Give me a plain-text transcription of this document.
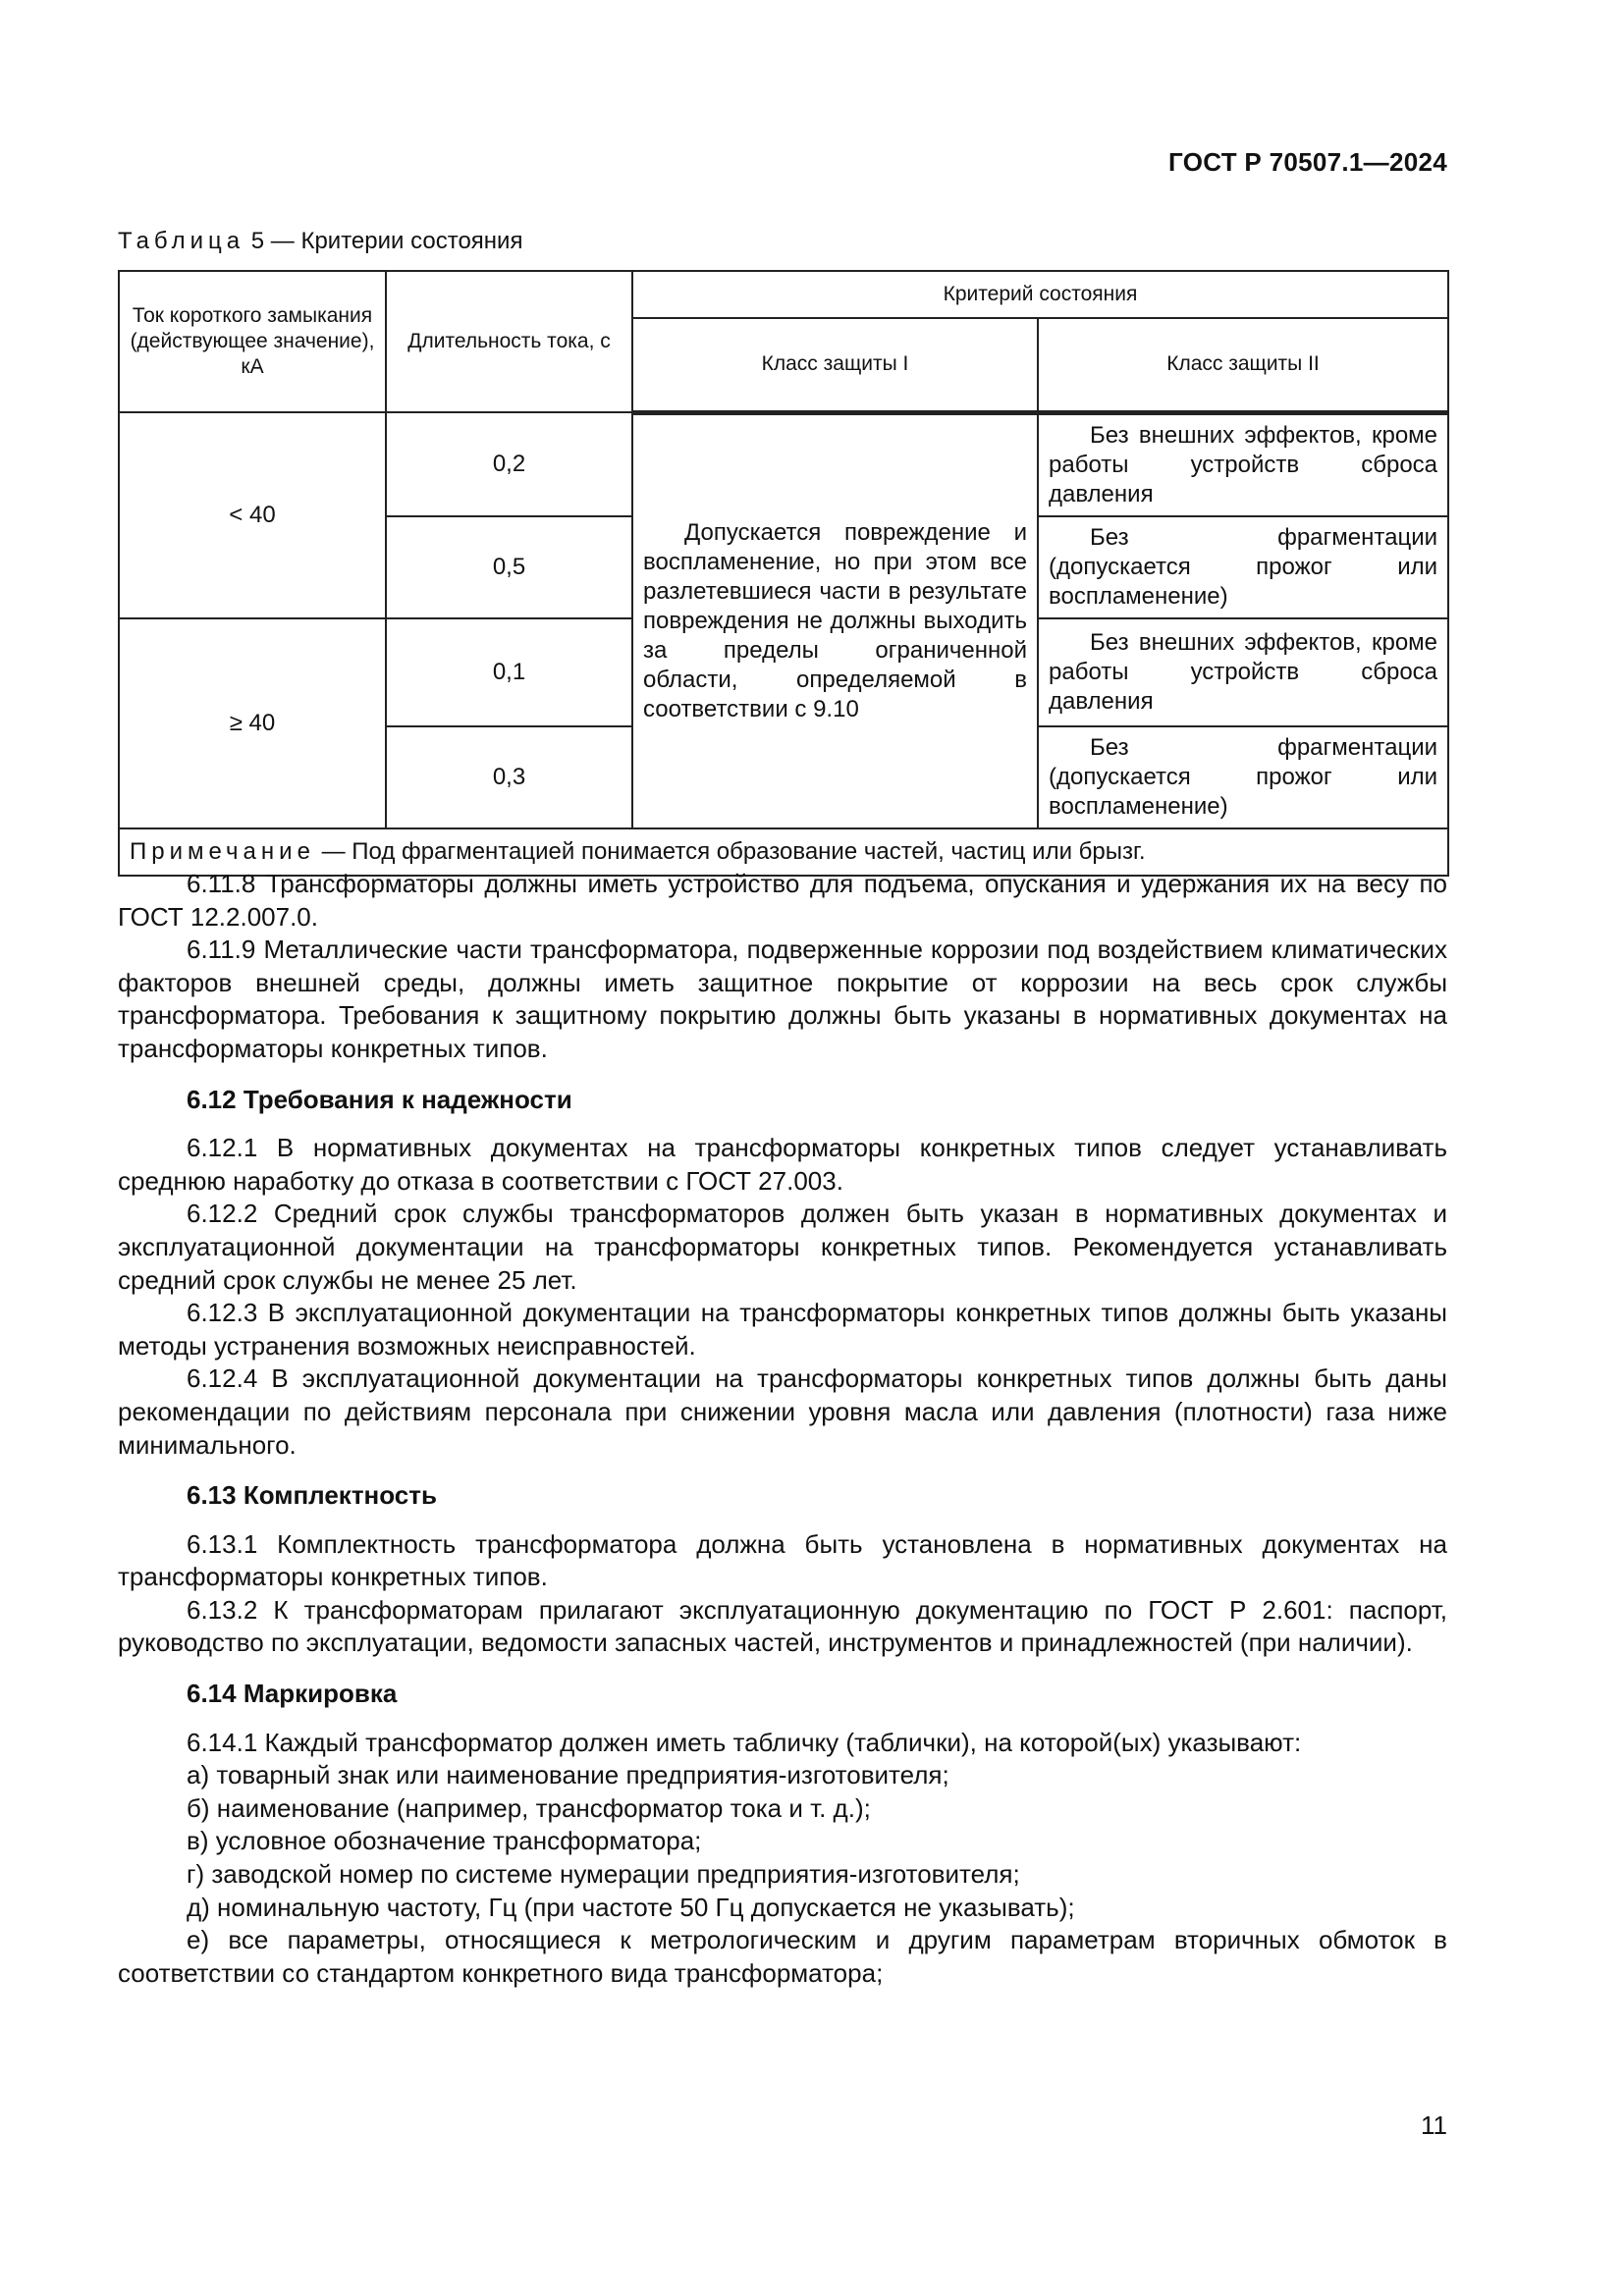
ГОСТ Р 70507.1—2024
Таблица 5 — Критерии состояния
Ток короткого замыкания (действующее значение), кА	Длительность тока, с	Критерий состояния	
		Класс защиты I	Класс защиты II
< 40	0,2	Допускается повреждение и воспламенение, но при этом все разлетевшиеся части в результате повреждения не должны выходить за пределы ограниченной области, определяемой в соответствии с 9.10	Без внешних эффектов, кроме работы устройств сброса давления
	0,5		Без фрагментации (допускается прожог или воспламенение)
≥ 40	0,1		Без внешних эффектов, кроме работы устройств сброса давления
	0,3		Без фрагментации (допускается прожог или воспламенение)
Примечание — Под фрагментацией понимается образование частей, частиц или брызг.			

6.11.8 Трансформаторы должны иметь устройство для подъема, опускания и удержания их на весу по ГОСТ 12.2.007.0.

6.11.9 Металлические части трансформатора, подверженные коррозии под воздействием климатических факторов внешней среды, должны иметь защитное покрытие от коррозии на весь срок службы трансформатора. Требования к защитному покрытию должны быть указаны в нормативных документах на трансформаторы конкретных типов.

6.12 Требования к надежности

6.12.1 В нормативных документах на трансформаторы конкретных типов следует устанавливать среднюю наработку до отказа в соответствии с ГОСТ 27.003.

6.12.2 Средний срок службы трансформаторов должен быть указан в нормативных документах и эксплуатационной документации на трансформаторы конкретных типов. Рекомендуется устанавливать средний срок службы не менее 25 лет.

6.12.3 В эксплуатационной документации на трансформаторы конкретных типов должны быть указаны методы устранения возможных неисправностей.

6.12.4 В эксплуатационной документации на трансформаторы конкретных типов должны быть даны рекомендации по действиям персонала при снижении уровня масла или давления (плотности) газа ниже минимального.

6.13 Комплектность

6.13.1 Комплектность трансформатора должна быть установлена в нормативных документах на трансформаторы конкретных типов.

6.13.2 К трансформаторам прилагают эксплуатационную документацию по ГОСТ Р 2.601: паспорт, руководство по эксплуатации, ведомости запасных частей, инструментов и принадлежностей (при наличии).

6.14 Маркировка

6.14.1 Каждый трансформатор должен иметь табличку (таблички), на которой(ых) указывают:

а) товарный знак или наименование предприятия-изготовителя;

б) наименование (например, трансформатор тока и т. д.);

в) условное обозначение трансформатора;

г) заводской номер по системе нумерации предприятия-изготовителя;

д) номинальную частоту, Гц (при частоте 50 Гц допускается не указывать);

е) все параметры, относящиеся к метрологическим и другим параметрам вторичных обмоток в соответствии со стандартом конкретного вида трансформатора;

11
